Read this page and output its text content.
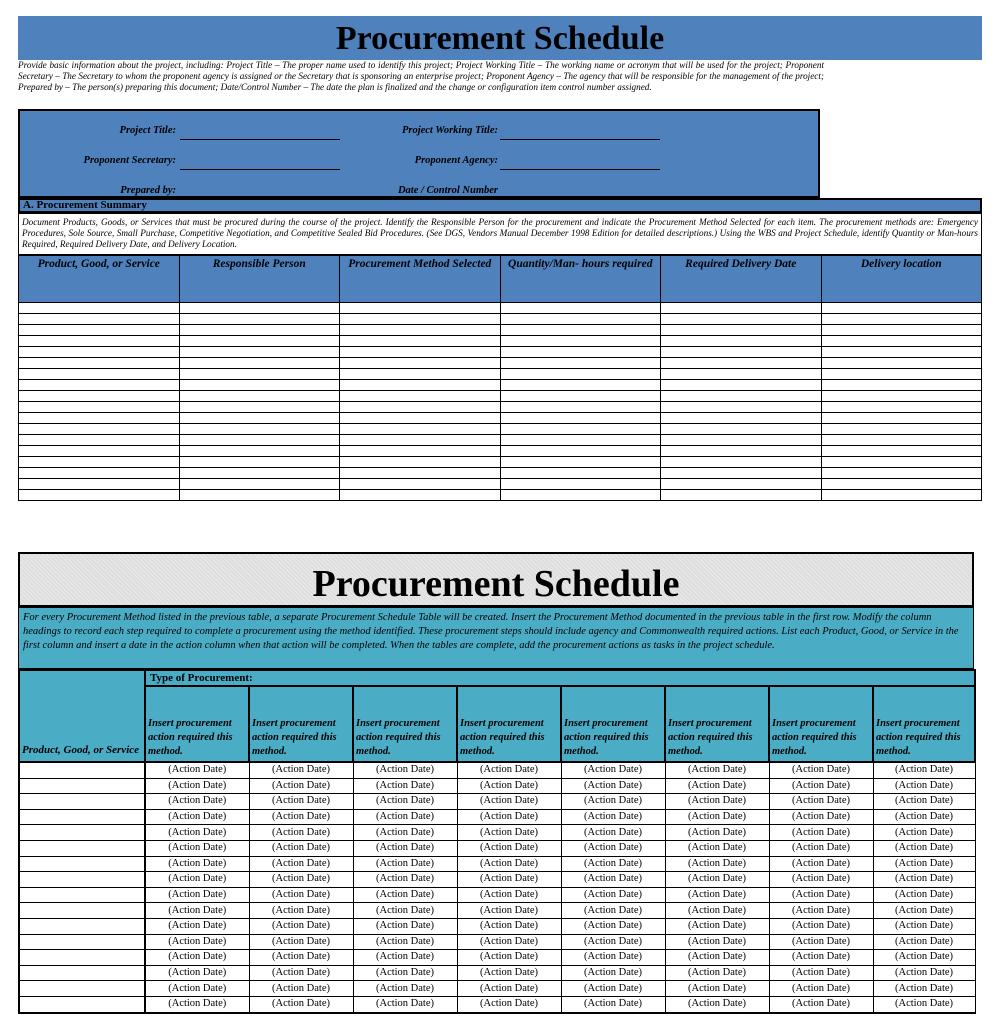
Procurement Schedule
Provide basic information about the project, including: Project Title – The proper name used to identify this project; Project Working Title – The working name or acronym that will be used for the project; Proponent Secretary – The Secretary to whom the proponent agency is assigned or the Secretary that is sponsoring an enterprise project; Proponent Agency – The agency that will be responsible for the management of the project; Prepared by – The person(s) preparing this document; Date/Control Number – The date the plan is finalized and the change or configuration item control number assigned.
Project Title:	Project Working Title:
Proponent Secretary:	Proponent Agency:
Prepared by:	Date / Control Number
A. Procurement Summary
Document Products, Goods, or Services that must be procured during the course of the project. Identify the Responsible Person for the procurement and indicate the Procurement Method Selected for each item. The procurement methods are: Emergency Procedures, Sole Source, Small Purchase, Competitive Negotiation, and Competitive Sealed Bid Procedures. (See DGS, Vendors Manual December 1998 Edition for detailed descriptions.) Using the WBS and Project Schedule, identify Quantity or Man-hours Required, Required Delivery Date, and Delivery Location.
Product, Good, or Service	Responsible Person	Procurement Method Selected	Quantity/Man- hours required	Required Delivery Date	Delivery location

Procurement Schedule
For every Procurement Method listed in the previous table, a separate Procurement Schedule Table will be created. Insert the Procurement Method documented in the previous table in the first row. Modify the column headings to record each step required to complete a procurement using the method identified. These procurement steps should include agency and Commonwealth required actions. List each Product, Good, or Service in the first column and insert a date in the action column when that action will be completed. When the tables are complete, add the procurement actions as tasks in the project schedule.
Product, Good, or Service	Type of Procurement:							
	Insert procurement action required this method.	Insert procurement action required this method.	Insert procurement action required this method.	Insert procurement action required this method.	Insert procurement action required this method.	Insert procurement action required this method.	Insert procurement action required this method.	Insert procurement action required this method.
	(Action Date)	(Action Date)	(Action Date)	(Action Date)	(Action Date)	(Action Date)	(Action Date)	(Action Date)
	(Action Date)	(Action Date)	(Action Date)	(Action Date)	(Action Date)	(Action Date)	(Action Date)	(Action Date)
	(Action Date)	(Action Date)	(Action Date)	(Action Date)	(Action Date)	(Action Date)	(Action Date)	(Action Date)
	(Action Date)	(Action Date)	(Action Date)	(Action Date)	(Action Date)	(Action Date)	(Action Date)	(Action Date)
	(Action Date)	(Action Date)	(Action Date)	(Action Date)	(Action Date)	(Action Date)	(Action Date)	(Action Date)
	(Action Date)	(Action Date)	(Action Date)	(Action Date)	(Action Date)	(Action Date)	(Action Date)	(Action Date)
	(Action Date)	(Action Date)	(Action Date)	(Action Date)	(Action Date)	(Action Date)	(Action Date)	(Action Date)
	(Action Date)	(Action Date)	(Action Date)	(Action Date)	(Action Date)	(Action Date)	(Action Date)	(Action Date)
	(Action Date)	(Action Date)	(Action Date)	(Action Date)	(Action Date)	(Action Date)	(Action Date)	(Action Date)
	(Action Date)	(Action Date)	(Action Date)	(Action Date)	(Action Date)	(Action Date)	(Action Date)	(Action Date)
	(Action Date)	(Action Date)	(Action Date)	(Action Date)	(Action Date)	(Action Date)	(Action Date)	(Action Date)
	(Action Date)	(Action Date)	(Action Date)	(Action Date)	(Action Date)	(Action Date)	(Action Date)	(Action Date)
	(Action Date)	(Action Date)	(Action Date)	(Action Date)	(Action Date)	(Action Date)	(Action Date)	(Action Date)
	(Action Date)	(Action Date)	(Action Date)	(Action Date)	(Action Date)	(Action Date)	(Action Date)	(Action Date)
	(Action Date)	(Action Date)	(Action Date)	(Action Date)	(Action Date)	(Action Date)	(Action Date)	(Action Date)
	(Action Date)	(Action Date)	(Action Date)	(Action Date)	(Action Date)	(Action Date)	(Action Date)	(Action Date)
